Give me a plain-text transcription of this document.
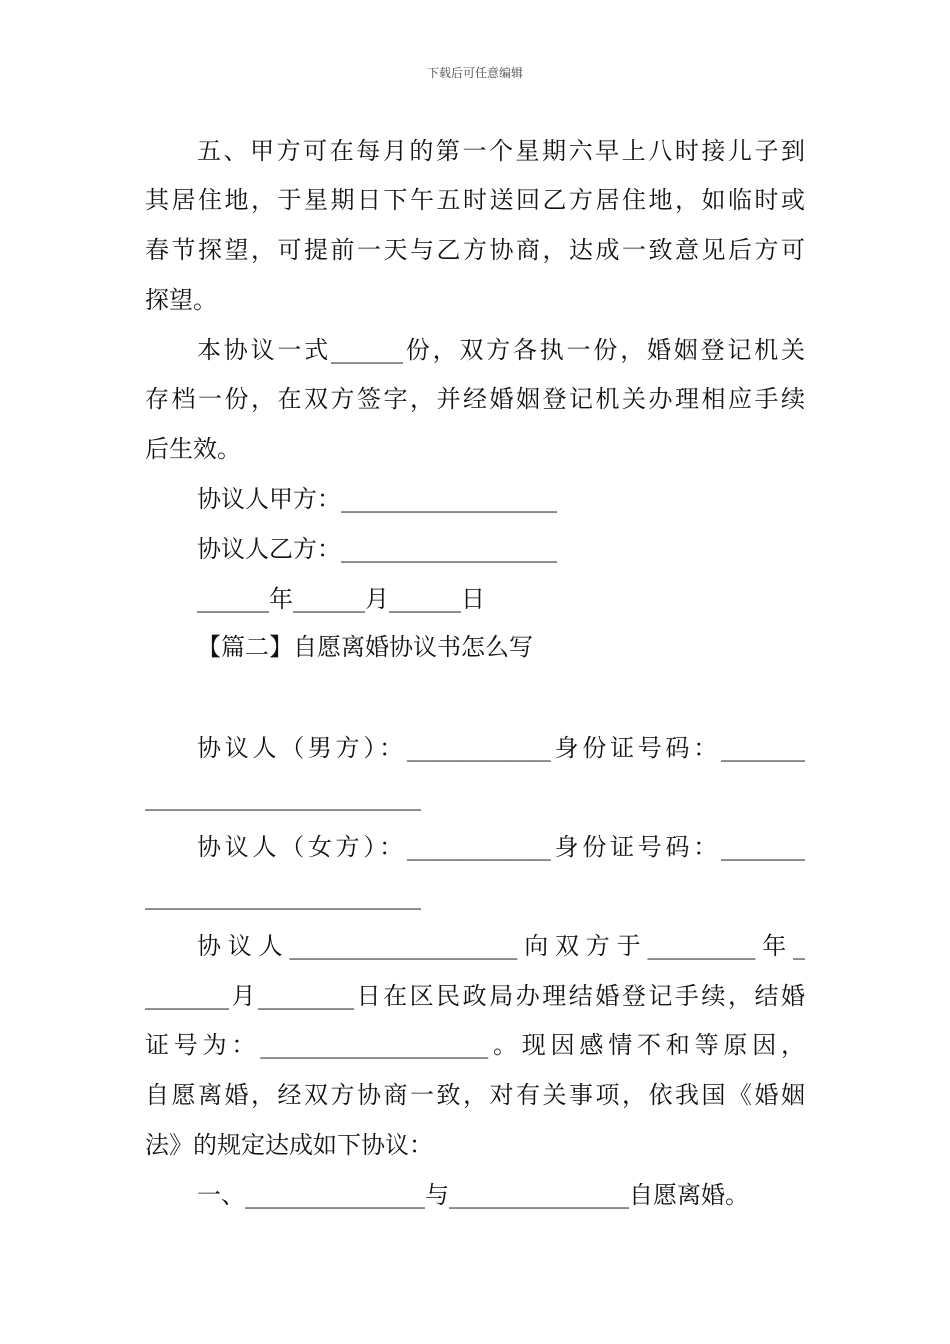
下载后可任意编辑
五、甲方可在每月的第一个星期六早上八时接儿子到
其居住地，于星期日下午五时送回乙方居住地，如临时或
春节探望，可提前一天与乙方协商，达成一致意见后方可
探望。
本协议一式______份，双方各执一份，婚姻登记机关
存档一份，在双方签字，并经婚姻登记机关办理相应手续
后生效。
协议人甲方：__________________
协议人乙方：__________________
______年______月______日
【篇二】自愿离婚协议书怎么写
协议人（男方）：____________身份证号码：_______
_______________________
协议人（女方）：____________身份证号码：_______
_______________________
协议人___________________向双方于_________年_
_______月________日在区民政局办理结婚登记手续，结婚
证号为：___________________。现因感情不和等原因，
自愿离婚，经双方协商一致，对有关事项，依我国《婚姻
法》的规定达成如下协议：
一、_______________与_______________自愿离婚。
